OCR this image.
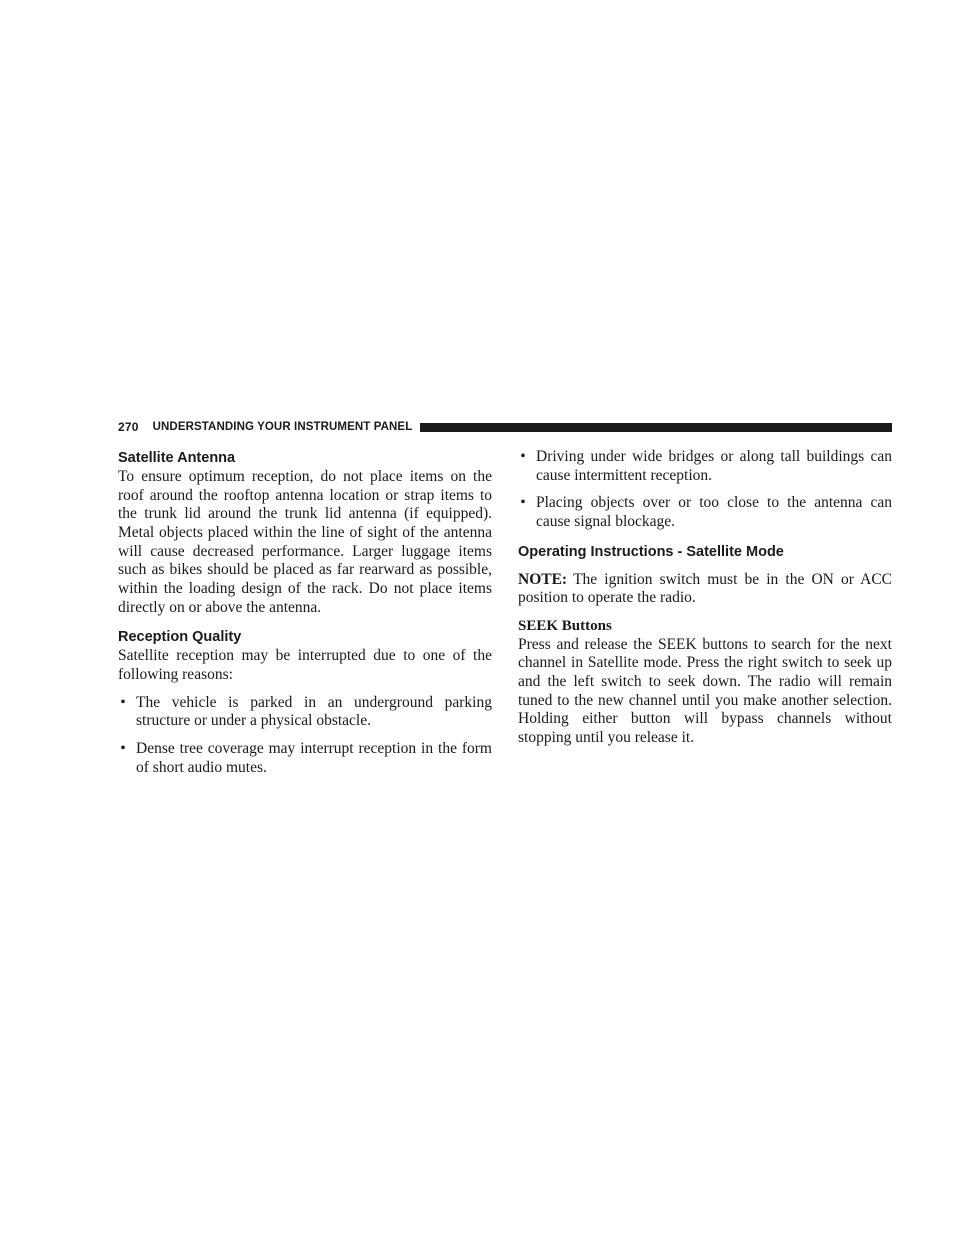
270 UNDERSTANDING YOUR INSTRUMENT PANEL
Satellite Antenna

To ensure optimum reception, do not place items on the roof around the rooftop antenna location or strap items to the trunk lid around the trunk lid antenna (if equipped). Metal objects placed within the line of sight of the antenna will cause decreased performance. Larger luggage items such as bikes should be placed as far rearward as possible, within the loading design of the rack. Do not place items directly on or above the antenna.

Reception Quality

Satellite reception may be interrupted due to one of the following reasons:

• The vehicle is parked in an underground parking structure or under a physical obstacle.
• Dense tree coverage may interrupt reception in the form of short audio mutes.
• Driving under wide bridges or along tall buildings can cause intermittent reception.
• Placing objects over or too close to the antenna can cause signal blockage.
Operating Instructions - Satellite Mode

NOTE: The ignition switch must be in the ON or ACC position to operate the radio.

SEEK Buttons

Press and release the SEEK buttons to search for the next channel in Satellite mode. Press the right switch to seek up and the left switch to seek down. The radio will remain tuned to the new channel until you make another selection. Holding either button will bypass channels without stopping until you release it.
